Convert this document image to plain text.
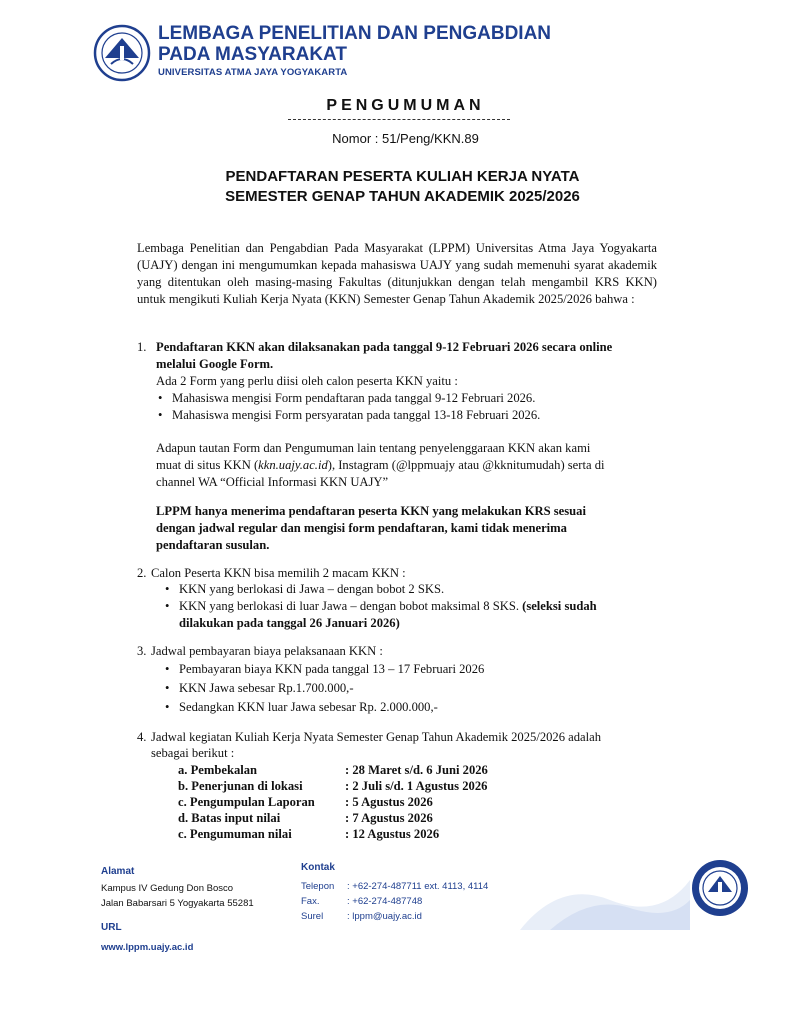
LEMBAGA PENELITIAN DAN PENGABDIAN
PADA MASYARAKAT
UNIVERSITAS ATMA JAYA YOGYAKARTA
PENGUMUMAN
Nomor : 51/Peng/KKN.89
PENDAFTARAN PESERTA KULIAH KERJA NYATA
SEMESTER GENAP TAHUN AKADEMIK 2025/2026
Lembaga Penelitian dan Pengabdian Pada Masyarakat (LPPM) Universitas Atma Jaya Yogyakarta (UAJY) dengan ini mengumumkan kepada mahasiswa UAJY yang sudah memenuhi syarat akademik yang ditentukan oleh masing-masing Fakultas (ditunjukkan dengan telah mengambil KRS KKN) untuk mengikuti Kuliah Kerja Nyata (KKN) Semester Genap Tahun Akademik 2025/2026 bahwa :
1. Pendaftaran KKN akan dilaksanakan pada tanggal 9-12 Februari 2026 secara online
melalui Google Form.
Ada 2 Form yang perlu diisi oleh calon peserta KKN yaitu :
• Mahasiswa mengisi Form pendaftaran pada tanggal 9-12 Februari 2026.
• Mahasiswa mengisi Form persyaratan pada tanggal 13-18 Februari 2026.
Adapun tautan Form dan Pengumuman lain tentang penyelenggaraan KKN akan kami
muat di situs KKN (kkn.uajy.ac.id), Instagram (@lppmuajy atau @kknitumudah) serta di
channel WA “Official Informasi KKN UAJY”
LPPM hanya menerima pendaftaran peserta KKN yang melakukan KRS sesuai
dengan jadwal regular dan mengisi form pendaftaran, kami tidak menerima
pendaftaran susulan.
2. Calon Peserta KKN bisa memilih 2 macam KKN :
• KKN yang berlokasi di Jawa – dengan bobot 2 SKS.
• KKN yang berlokasi di luar Jawa – dengan bobot maksimal 8 SKS. (seleksi sudah
dilakukan pada tanggal 26 Januari 2026)
3. Jadwal pembayaran biaya pelaksanaan KKN :
• Pembayaran biaya KKN pada tanggal 13 – 17 Februari 2026
• KKN Jawa sebesar Rp.1.700.000,-
• Sedangkan KKN luar Jawa sebesar Rp. 2.000.000,-
4. Jadwal kegiatan Kuliah Kerja Nyata Semester Genap Tahun Akademik 2025/2026 adalah
sebagai berikut :
a. Pembekalan	: 28 Maret s/d. 6 Juni 2026
b. Penerjunan di lokasi	: 2 Juli s/d. 1 Agustus 2026
c. Pengumpulan Laporan : 5 Agustus 2026
d. Batas input nilai	: 7 Agustus 2026
c. Pengumuman nilai	: 12 Agustus 2026
Alamat
Kampus IV Gedung Don Bosco
Jalan Babarsari 5 Yogyakarta 55281
URL
www.lppm.uajy.ac.id
Kontak
Telepon : +62-274-487711 ext. 4113, 4114
Fax.	: +62-274-487748
Surel	: lppm@uajy.ac.id
